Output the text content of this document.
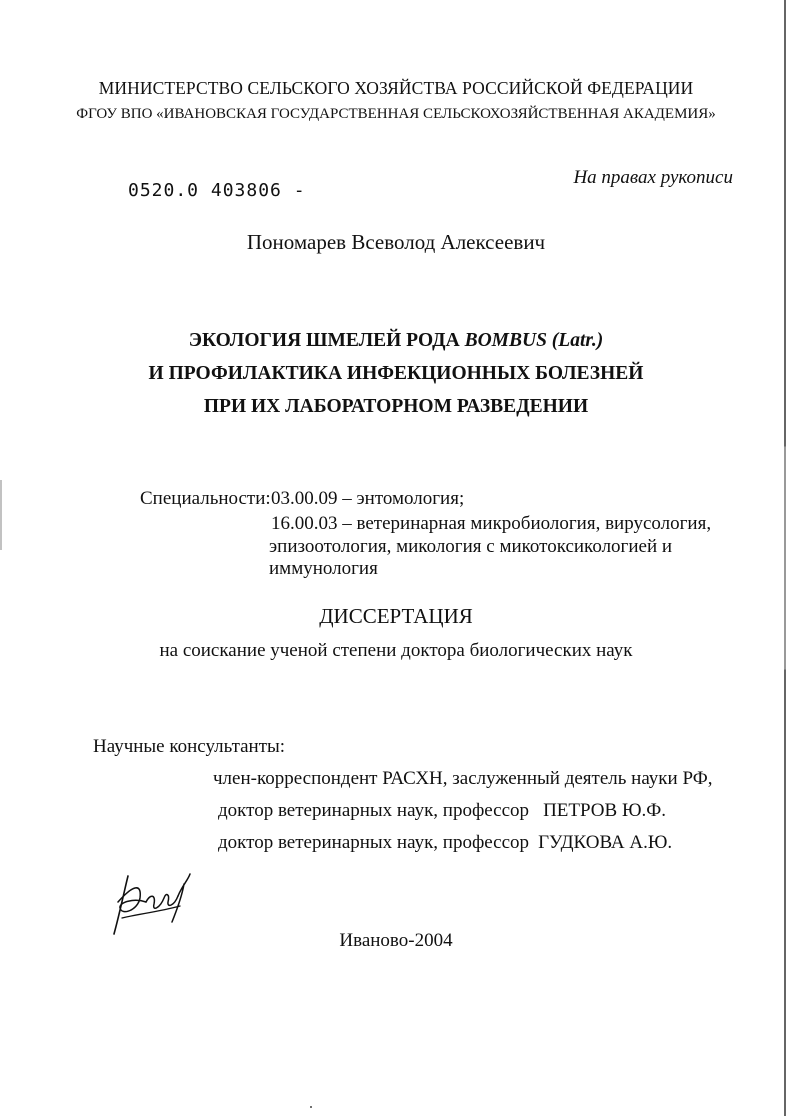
МИНИСТЕРСТВО СЕЛЬСКОГО ХОЗЯЙСТВА РОССИЙСКОЙ ФЕДЕРАЦИИ
ФГОУ ВПО «ИВАНОВСКАЯ ГОСУДАРСТВЕННАЯ СЕЛЬСКОХОЗЯЙСТВЕННАЯ АКАДЕМИЯ»
0520.0 403806 -
На правах рукописи
Пономарев Всеволод Алексеевич
ЭКОЛОГИЯ ШМЕЛЕЙ РОДА BOMBUS (Latr.)
И ПРОФИЛАКТИКА ИНФЕКЦИОННЫХ БОЛЕЗНЕЙ
ПРИ ИХ ЛАБОРАТОРНОМ РАЗВЕДЕНИИ
Специальности: 03.00.09 – энтомология;
16.00.03 – ветеринарная микробиология, вирусология,
эпизоотология, микология с микотоксикологией и
иммунология
ДИССЕРТАЦИЯ
на соискание ученой степени доктора биологических наук
Научные консультанты:
член-корреспондент РАСХН, заслуженный деятель науки РФ,
доктор ветеринарных наук, профессор ПЕТРОВ Ю.Ф.
доктор ветеринарных наук, профессор ГУДКОВА А.Ю.
Иваново-2004
